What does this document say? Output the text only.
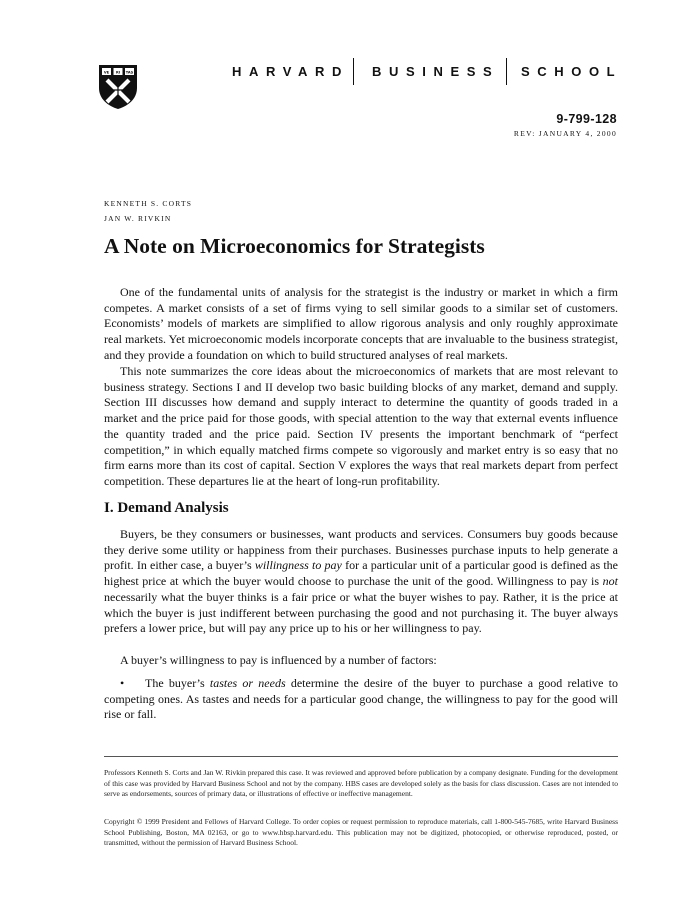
VE RI TAS	HARVARD BUSINESS SCHOOL
9-799-128
REV: JANUARY 4, 2000
KENNETH S. CORTS
JAN W. RIVKIN
A Note on Microeconomics for Strategists

One of the fundamental units of analysis for the strategist is the industry or market in which a firm competes. A market consists of a set of firms vying to sell similar goods to a similar set of customers. Economists’ models of markets are simplified to allow rigorous analysis and only roughly approximate real markets. Yet microeconomic models incorporate concepts that are invaluable to the business strategist, and they provide a foundation on which to build structured analyses of real markets.

This note summarizes the core ideas about the microeconomics of markets that are most relevant to business strategy. Sections I and II develop two basic building blocks of any market, demand and supply. Section III discusses how demand and supply interact to determine the quantity of goods traded in a market and the price paid for those goods, with special attention to the way that external events influence the quantity traded and the price paid. Section IV presents the important benchmark of “perfect competition,” in which equally matched firms compete so vigorously and market entry is so easy that no firm earns more than its cost of capital. Section V explores the ways that real markets depart from perfect competition. These departures lie at the heart of long-run profitability.

I. Demand Analysis

Buyers, be they consumers or businesses, want products and services. Consumers buy goods because they derive some utility or happiness from their purchases. Businesses purchase inputs to help generate a profit. In either case, a buyer’s willingness to pay for a particular unit of a particular good is defined as the highest price at which the buyer would choose to purchase the unit of the good. Willingness to pay is not necessarily what the buyer thinks is a fair price or what the buyer wishes to pay. Rather, it is the price at which the buyer is just indifferent between purchasing the good and not purchasing it. The buyer always prefers a lower price, but will pay any price up to his or her willingness to pay.

A buyer’s willingness to pay is influenced by a number of factors:

• The buyer’s tastes or needs determine the desire of the buyer to purchase a good relative to competing ones. As tastes and needs for a particular good change, the willingness to pay for the good will rise or fall.

Professors Kenneth S. Corts and Jan W. Rivkin prepared this case. It was reviewed and approved before publication by a company designate. Funding for the development of this case was provided by Harvard Business School and not by the company. HBS cases are developed solely as the basis for class discussion. Cases are not intended to serve as endorsements, sources of primary data, or illustrations of effective or ineffective management.

Copyright © 1999 President and Fellows of Harvard College. To order copies or request permission to reproduce materials, call 1-800-545-7685, write Harvard Business School Publishing, Boston, MA 02163, or go to www.hbsp.harvard.edu. This publication may not be digitized, photocopied, or otherwise reproduced, posted, or transmitted, without the permission of Harvard Business School.
